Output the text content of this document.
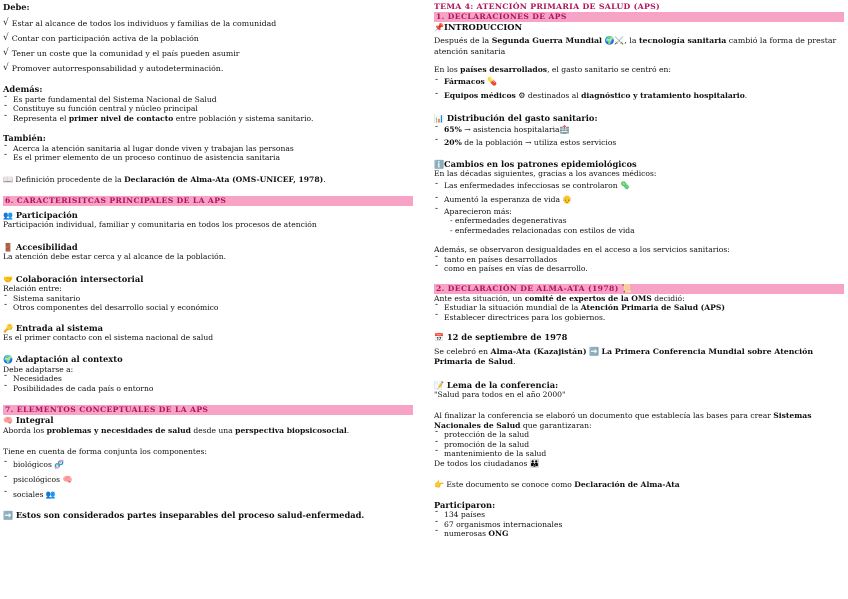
Debe:
√ Estar al alcance de todos los individuos y familias de la comunidad
√ Contar con participación activa de la población
√ Tener un coste que la comunidad y el país pueden asumir
√ Promover autorresponsabilidad y autodeterminación.
Además:
- Es parte fundamental del Sistema Nacional de Salud
- Constituye su función central y núcleo principal
- Representa el primer nivel de contacto entre población y sistema sanitario.
También:
- Acerca la atención sanitaria al lugar donde viven y trabajan las personas
- Es el primer elemento de un proceso continuo de asistencia sanitaria
📖 Definición procedente de la Declaración de Alma-Ata (OMS-UNICEF, 1978).
6. CARACTERISITCAS PRINCIPALES DE LA APS
👥 Participación
Participación individual, familiar y comunitaria en todos los procesos de atención
🚪 Accesibilidad
La atención debe estar cerca y al alcance de la población.
🤝 Colaboración intersectorial
Relación entre:
- Sistema sanitario
- Otros componentes del desarrollo social y económico
🔑 Entrada al sistema
Es el primer contacto con el sistema nacional de salud
🌍 Adaptación al contexto
Debe adaptarse a:
- Necesidades
- Posibilidades de cada país o entorno
7. ELEMENTOS CONCEPTUALES DE LA APS
🧠 Integral
Aborda los problemas y necesidades de salud desde una perspectiva biopsicosocial.
Tiene en cuenta de forma conjunta los componentes:
- biológicos 🧬
- psicológicos 🧠
- sociales 👥
➡️ Estos son considerados partes inseparables del proceso salud-enfermedad.
TEMA 4: ATENCIÓN PRIMARIA DE SALUD (APS)
1. DECLARACIONES DE APS
📌INTRODUCCION
Después de la Segunda Guerra Mundial 🌍⚔️, la tecnología sanitaria cambió la forma de prestar atención sanitaria
En los países desarrollados, el gasto sanitario se centró en:
- Fármacos 💊
- Equipos médicos ⚙ destinados al diagnóstico y tratamiento hospitalario.
📊 Distribución del gasto sanitario:
- 65% → asistencia hospitalaria🏥
- 20% de la población → utiliza estos servicios
ℹ️Cambios en los patrones epidemiológicos
En las décadas siguientes, gracias a los avances médicos:
- Las enfermedades infecciosas se controlaron 🦠
- Aumentó la esperanza de vida 👴
- Aparecieron más:
- enfermedades degenerativas
- enfermedades relacionadas con estilos de vida
Además, se observaron desigualdades en el acceso a los servicios sanitarios:
- tanto en países desarrollados
- como en países en vías de desarrollo.
2. DECLARACIÓN DE ALMA-ATA (1978) 📜
Ante esta situación, un comité de expertos de la OMS decidió:
- Estudiar la situación mundial de la Atención Primaria de Salud (APS)
- Establecer directrices para los gobiernos.
📅 12 de septiembre de 1978
Se celebró en Alma-Ata (Kazajistán) ➡️ La Primera Conferencia Mundial sobre Atención Primaria de Salud.
📝 Lema de la conferencia:
"Salud para todos en el año 2000"
Al finalizar la conferencia se elaboró un documento que establecía las bases para crear Sistemas Nacionales de Salud que garantizaran:
- protección de la salud
- promoción de la salud
- mantenimiento de la salud
De todos los ciudadanos 👪
👉 Este documento se conoce como Declaración de Alma-Ata
Participaron:
- 134 países
- 67 organismos internacionales
- numerosas ONG
